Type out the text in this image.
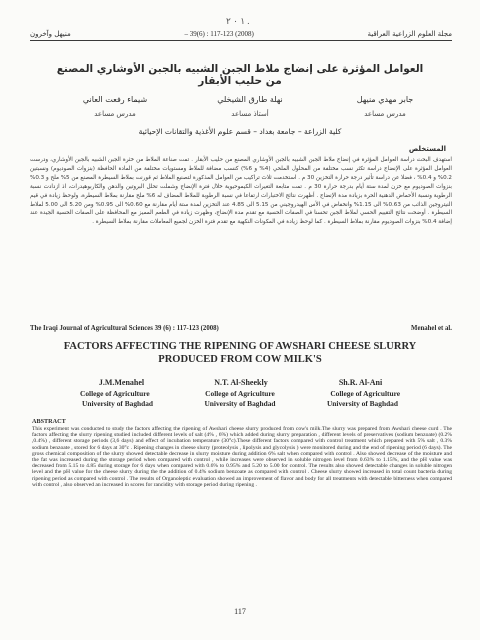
١ ٠ ٢ .
مجلة العلوم الزراعية العراقية
– 39(6) : 117-123 (2008)
منيهل وآخرون
العوامل المؤثرة على إنضاج ملاط الجبن الشبيه بالجبن الأوشاري المصنع من حليب الأبقار
جابر مهدي منيهل
مدرس مساعد
نهلة طارق الشيخلي
أستاذ مساعد
شيماء رفعت العاني
مدرس مساعد
كلية الزراعة – جامعة بغداد – قسم علوم الأغذية والتقانات الإحيائية
المستخلص
استهدف البحث دراسة العوامل المؤثرة في إنضاج ملاط الجبن الشبيه بالجبن الأوشاري المصنع من حليب الأبقار . تمت صناعة الملاط من خثرة الجبن الشبيه بالجبن الأوشاري، ودرست العوامل المؤثرة على الإنضاج دراسة تكثر نسب مختلفة من المحلول الملحي (4% و 6%) كنسب مضافة للملاط ومستويات مختلفة من المادة الحافظة (بنزوات الصوديوم) ونسبتين 0.2% و 0.4% ، فضلا عن دراسة تأثير درجة حرارة التخزين 30 م . استخدمت ثلاث تراكيب من العوامل المذكورة لتصنيع الملاط ثم قورنت بملاط السيطرة المصنع من 5% ملح و 0.3% بنزوات الصوديوم مع خزن لمدة ستة أيام بدرجة حرارة 30 م . تمت متابعة التغيرات الكيموحيوية خلال فترة الإنضاج وشملت تحلل البروتين والدهن والكاربوهيدرات، اذ ازدادت نسبة الرطوبة ونسبة الأحماض الدهنية الحرة بزيادة مدة الإنضاج . أظهرت نتائج الاختبارات ارتفاعا في نسبة الرطوبة للملاط المضاف له 6% ملح مقارنة بملاط السيطرة، ولوحظ زيادة في قيم النيتروجين الذائب من 0.63% الى 1.15% وانخفاض في الأس الهيدروجيني من 5.15 الى 4.85 عند التخزين لمدة ستة أيام مقارنة مع 0.60% الى 0.95% ومن 5.20 الى 5.00 لملاط السيطرة . أوضحت نتائج التقييم الحسي لملاط الجبن تحسنا في الصفات الحسية مع تقدم مدة الإنضاج، وظهرت زيادة في الطعم المميز مع المحافظة على الصفات الحسية الجيدة عند إضافة 0.4% بنزوات الصوديوم مقارنة بملاط السيطرة . كما لوحظ زيادة في المكونات النكهية مع تقدم فترة الخزن لجميع المعاملات مقارنة بملاط السيطرة .
The Iraqi Journal of Agricultural Sciences 39 (6) : 117-123 (2008)	Menahel et al.
FACTORS AFFECTING THE RIPENING OF AWSHARI CHEESE SLURRY PRODUCED FROM COW MILK'S
J.M.Menahel	N.T. Al-Sheekly	Sh.R. Al-Ani
College of Agriculture	College of Agriculture	College of Agriculture
University of Baghdad	University of Baghdad	University of Baghdad
ABSTRACT
This experiment was conducted to study the factors affecting the ripening of Awshari cheese slurry produced from cow's milk.The slurry was prepared from Awshari cheese curd . The factors affecting the slurry ripening studied included different levels of salt (4% , 6%) which added during slurry preparation , different levels of preservatives (sodium benzoate) (0.2% ,0.4%) , different storage periods (3,6 days) and effect of incubation temperature (30°c).These different factors compared with control treatment which prepared with 5% salt , 0.3% sodium benzoate , stored for 6 days at 30°c . Ripening changes in cheese slurry (proteolysis , lipolysis and glycolysis ) were monitored during and the end of ripening period (6 days). The gross chemical composition of the slurry showed detectable decrease in slurry moisture during addition 6% salt when compared with control . Also showed decrease of the moisture and the fat was increased during the storage period when compared with control , while increases were observed in soluble nitrogen level from 0.63% to 1.15%, and the pH value was decreased from 5.15 to 4.85 during storage for 6 days when compared with 0.6% to 0.95% and 5.20 to 5.00 for control. The results also showed detectable changes in soluble nitrogen level and the pH value for the cheese slurry during the the addition of 0.4% sodium benzoate as compared with control . Cheese slurry showed increased in total count bacteria during ripening period as compared with control . The results of Organoleptic evaluation showed an improvement of flavor and body for all treatments with detectable bitterness when compared with control , also observed an increased in scores for rancidity with storage period during ripening .
117
